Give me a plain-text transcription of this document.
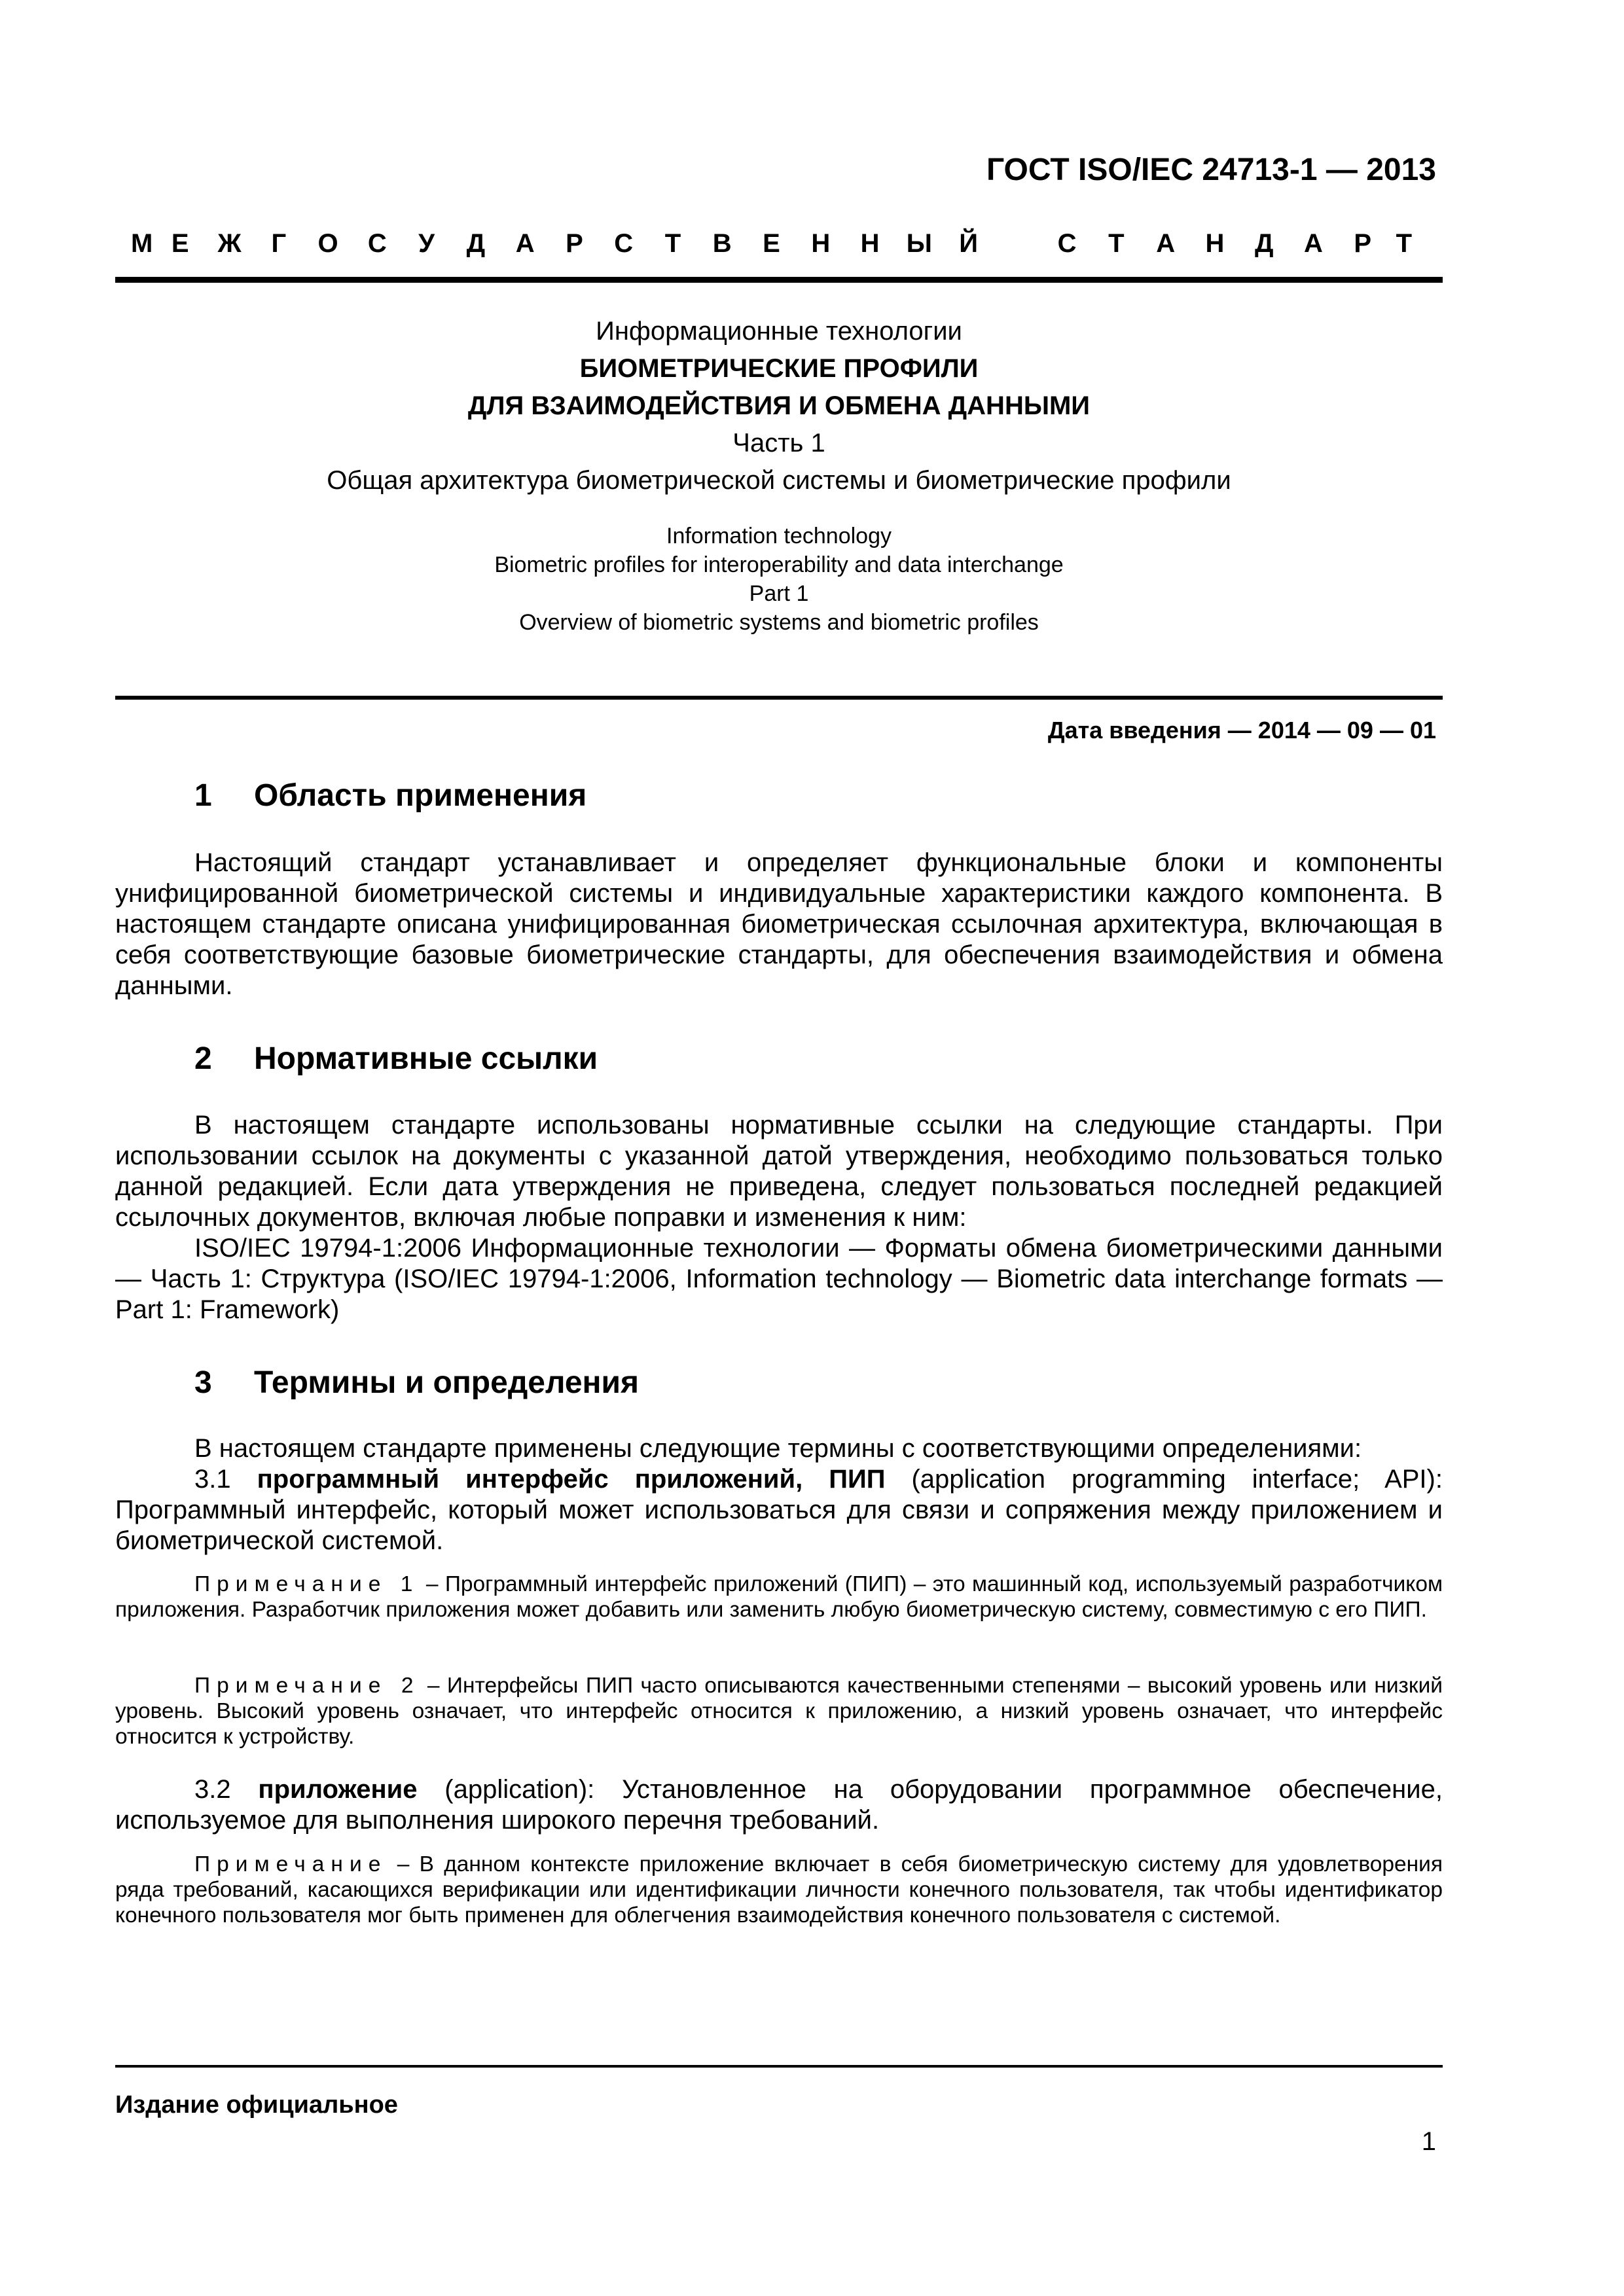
ГОСТ ISO/IEC 24713-1 — 2013
М Е Ж Г О С У Д А Р С Т В Е Н Н Ы Й	С Т А Н Д А Р Т
Информационные технологии
БИОМЕТРИЧЕСКИЕ ПРОФИЛИ
ДЛЯ ВЗАИМОДЕЙСТВИЯ И ОБМЕНА ДАННЫМИ
Часть 1
Общая архитектура биометрической системы и биометрические профили
Information technology
Biometric profiles for interoperability and data interchange
Part 1
Overview of biometric systems and biometric profiles
Дата введения — 2014 — 09 — 01
1 Область применения
Настоящий стандарт устанавливает и определяет функциональные блоки и компоненты унифицированной биометрической системы и индивидуальные характеристики каждого компонента. В настоящем стандарте описана унифицированная биометрическая ссылочная архитектура, включающая в себя соответствующие базовые биометрические стандарты, для обеспечения взаимодействия и обмена данными.
2 Нормативные ссылки
В настоящем стандарте использованы нормативные ссылки на следующие стандарты. При использовании ссылок на документы с указанной датой утверждения, необходимо пользоваться только данной редакцией. Если дата утверждения не приведена, следует пользоваться последней редакцией ссылочных документов, включая любые поправки и изменения к ним:
ISO/IEC 19794-1:2006 Информационные технологии — Форматы обмена биометрическими данными — Часть 1: Структура (ISO/IEC 19794-1:2006, Information technology — Biometric data interchange formats — Part 1: Framework)
3 Термины и определения
В настоящем стандарте применены следующие термины с соответствующими определениями:
3.1 программный интерфейс приложений, ПИП (application programming interface; API): Программный интерфейс, который может использоваться для связи и сопряжения между приложением и биометрической системой.
Примечание 1 – Программный интерфейс приложений (ПИП) – это машинный код, используемый разработчиком приложения. Разработчик приложения может добавить или заменить любую биометрическую систему, совместимую с его ПИП.
Примечание 2 – Интерфейсы ПИП часто описываются качественными степенями – высокий уровень или низкий уровень. Высокий уровень означает, что интерфейс относится к приложению, а низкий уровень означает, что интерфейс относится к устройству.
3.2 приложение (application): Установленное на оборудовании программное обеспечение, используемое для выполнения широкого перечня требований.
Примечание – В данном контексте приложение включает в себя биометрическую систему для удовлетворения ряда требований, касающихся верификации или идентификации личности конечного пользователя, так чтобы идентификатор конечного пользователя мог быть применен для облегчения взаимодействия конечного пользователя с системой.
Издание официальное
1
